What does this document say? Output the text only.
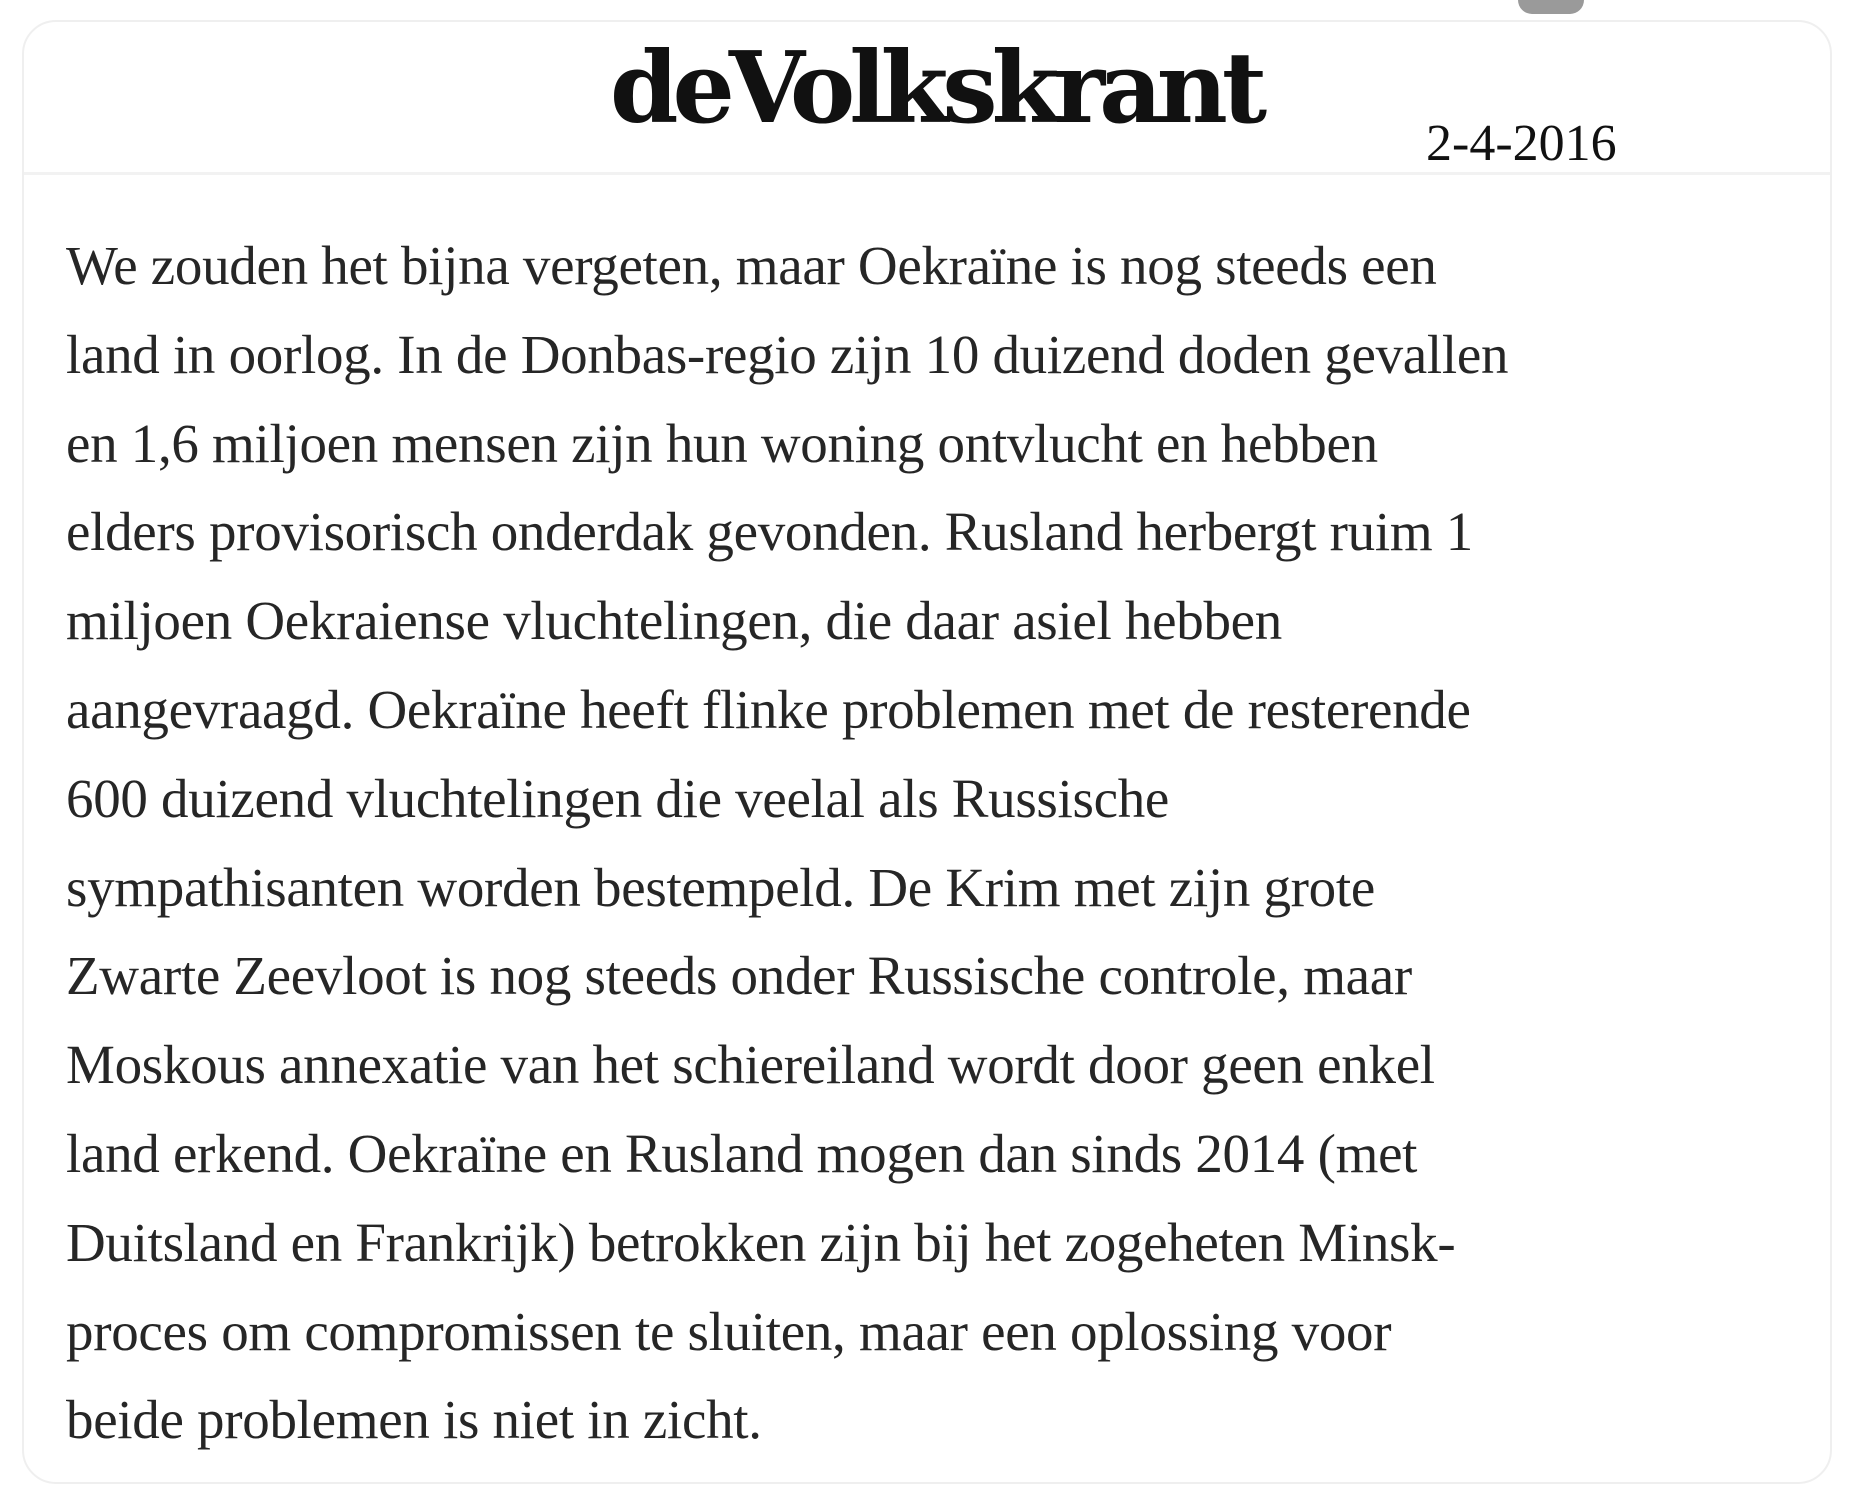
deVolkskrant	2-4-2016
We zouden het bijna vergeten, maar Oekraïne is nog steeds een
land in oorlog. In de Donbas-regio zijn 10 duizend doden gevallen
en 1,6 miljoen mensen zijn hun woning ontvlucht en hebben
elders provisorisch onderdak gevonden. Rusland herbergt ruim 1
miljoen Oekraiense vluchtelingen, die daar asiel hebben
aangevraagd. Oekraïne heeft flinke problemen met de resterende
600 duizend vluchtelingen die veelal als Russische
sympathisanten worden bestempeld. De Krim met zijn grote
Zwarte Zeevloot is nog steeds onder Russische controle, maar
Moskous annexatie van het schiereiland wordt door geen enkel
land erkend. Oekraïne en Rusland mogen dan sinds 2014 (met
Duitsland en Frankrijk) betrokken zijn bij het zogeheten Minsk-
proces om compromissen te sluiten, maar een oplossing voor
beide problemen is niet in zicht.
